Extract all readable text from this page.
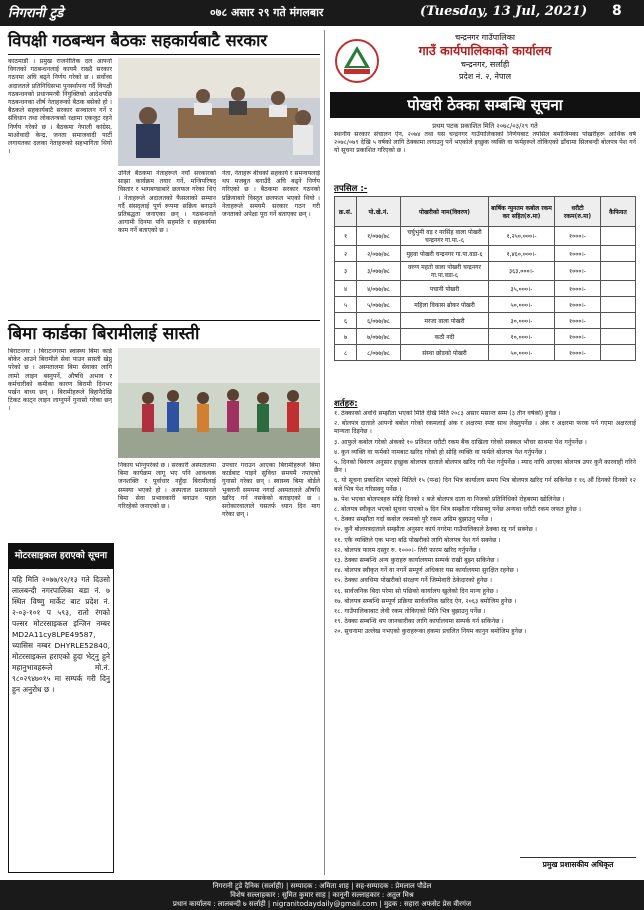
निगरानी टुडे	०७८ असार २९ गते मंगलबार	(Tuesday, 13 Jul, 2021) 8
विपक्षी गठबन्धन बैठकः सहकार्यबाटै सरकार
काठमाडौं । प्रमुख राजनीतिक दल आफ्नो विगतको गठबन्धनलाई कायमै राख्दै सरकार गठनमा अघि बढ्ने निर्णय गरेको छ । सर्वोच्च अदालतले प्रतिनिधिसभा पुनर्स्थापना गर्दै विपक्षी गठबन्धनको प्रधानमन्त्री नियुक्तिको आदेशपछि गठबन्धनका शीर्ष नेताहरूको बैठक बसेको हो । बैठकले सहकार्यबाटै सरकार सञ्चालन गर्ने र संविधान तथा लोकतन्त्रको रक्षामा एकजुट रहने निर्णय गरेको छ । बैठकमा नेपाली कांग्रेस, माओवादी केन्द्र, जनता समाजवादी पार्टी लगायतका दलका नेताहरूको सहभागिता थियो ।
उनिले बैठकमा नेताहरूले नयाँ सरकारको साझा कार्यक्रम तयार गर्ने, मन्त्रिपरिषद् विस्तार र भागबण्डाबारे छलफल गरेका थिए । नेताहरूले अदालतको फैसलाको सम्मान गर्दै संसद्लाई पूर्ण रूपमा सक्रिय बनाउने प्रतिबद्धता जनाएका छन् । गठबन्धनले आगामी दिनमा पनि सहमति र सहकार्यमा काम गर्ने बताएको छ ।
नेता, नेताहरू बीचको सहकार्य र समन्वयलाई थप मजबुत बनाउँदै अघि बढ्ने निर्णय गरिएको छ । बैठकमा सरकार गठनको प्रक्रियाबारे विस्तृत छलफल भएको थियो । नेताहरूले समयमै सरकार गठन गरी जनताको अपेक्षा पूरा गर्ने बताएका छन् ।
बिमा कार्डका बिरामीलाई सास्ती
बिराटनगर । बिराटनगरमा स्वास्थ्य बिमा कार्ड बोकेर आउने बिरामीले सेवा पाउन सास्ती खेप्नु परेको छ । अस्पतालमा बिमा सेवाका लागि लामो लाइन बस्नुपर्ने, औषधि अभाव र कर्मचारीको कमीका कारण बिरामी दिनभर पर्खन बाध्य छन् । बिरामीहरूले बिहानैदेखि टिकट काट्न लाइन लाग्नुपर्ने गुनासो गरेका छन् ।
निकाय भोग्नुपरेको छ । सरकारी अस्पतालमा बिमा कार्यक्रम लागू भए पनि आवश्यक जनशक्ति र पूर्वाधार नहुँदा बिरामीलाई समस्या भएको हो । अस्पताल प्रशासनले बिमा सेवा प्रभावकारी बनाउन पहल गरिरहेको जनाएको छ ।
उपचार गराउन आएका बिरामीहरूले बिमा कार्डबाट पाइने सुविधा समयमै नपाएको गुनासो गरेका छन् । स्वास्थ्य बिमा बोर्डले भुक्तानी समयमा नगर्दा अस्पतालले औषधि खरिद गर्न नसकेको बताइएको छ । सरोकारवालाले यसतर्फ ध्यान दिन माग गरेका छन् ।
मोटरसाइकल हराएको सूचना
यहि मिति २०७७/१२/१३ गते दिउसो लालबन्दी नगरपालिका बडा नं. ७ स्थित विष्णु मार्केट बाट प्रदेश नं. २-०३-१०१ प ५९३, रातो रंगको पल्सर मोटरसाइकल इन्जिन नम्बर MD2A11cy8LPE49587, च्यासिस नम्बर DHYRLE52840, मोटरसाइकल हराएको हुदा भेट्नु हुने महानुभावहरूले मो.नं. ९८०२९४७०१५ मा सम्पर्क गरी दिनु हुन अनुरोध छ ।
चन्द्रनगर गाउँपालिका
गाउँ कार्यपालिकाको कार्यालय
चन्द्रनगर, सर्लाही
प्रदेश नं. २, नेपाल
पोखरी ठेक्का सम्बन्धि सूचना
प्रथम पटक प्रकाशित मिति २०७८/०३/२९ गते
स्थानीय सरकार संचालन ऐन, २०७४ तथा यस चन्द्रनगर गाउँपालिकाको निर्णयबाट तपसिल बमोजिमका पोखरीहरू आर्थिक वर्ष २०७८/०७९ देखि ५ वर्षको लागि ठेक्कामा लगाउनु पर्ने भएकोले इच्छुक व्यक्ति वा फर्महरूले तोकिएको ढाँचामा सिलबन्दी बोलपत्र पेश गर्न यो सूचना प्रकाशित गरिएको छ ।
तपसिल :-
क्र.सं.	पो.खे.नं.	पोखरीको नाम(विवरण)	बार्षिक न्युनतम कबोल रकम कर सहित(रु.मा)	धरौटी रकम(रु.मा)	कैफियत
१	१/०७७/७८	चर्चुभुमी वड़ र नरसिंह वाला पोखरी चन्द्रनगर गा.पा.-६	१,२५०,०००।-	१०००।-	
२	२/०७७/७८	मुहवा पोखरी चन्द्रनगर गा.पा.वडा-६	१,४६०,०००।-	१०००।-	
३	३/०७७/७८	वरुण महतो वाला पोखरी चन्द्रनगर गा.पा.वडा-६	३६३,०००।-	१०००।-	
४	४/०७७/७८	पचानी पोखरी	३५,०००।-	१०००।-	
५	५/०७७/७८	महिला विकास ब्रोकर पोखरी	५०,०००।-	१०००।-	
६	६/०७७/७८	मरजा वाला पोखरी	३०,०००।-	१०००।-	
७	७/०७७/७८	कठौ नदी	१०,०००।-	१०००।-	
८	८/०७७/७८	संस्था छोडको पोखरी	५०,०००।-	१०००।-	
शर्तहरु:
१. ठेक्काको अवधि सम्झौता भएको मिति देखि मिति २०८३ असार मसान्त सम्म (३ तीन वर्षको) हुनेछ ।
२. बोलपत्र दाताले आफ्नो बबोल गरेको रकमलाई अंक र अक्षरमा स्पष्ट साथ लेख्नुपर्नेछ । अंक र अक्षरमा फरक पर्न गएमा अक्षरलाई मान्यता दिइनेछ ।
३. आफुले कबोल गरेको अंकको १० प्रतिशत धरौटी रकम बैंक दाखिला गरेको सक्कल भौचर साथमा पेश गर्नुपर्नेछ ।
४. कुन व्यक्ति वा फर्मको नामबाट खरिद गरेको हो सोहि व्यक्ति वा फर्मले बोलपत्र पेश गर्नुपर्नेछ ।
५. दिनको बिवरण अनुसार इच्छुक बोलपत्र दाताले बोलपत्र खरिद गरी पेश गर्नुपर्नेछ । म्याद नाघि आएका बोलपत्र उपर कुनै कारवाही गरिने छैन ।
६. यो सूचना प्रकाशित भएको मितिले १५ (पन्ध्र) दिन भित्र कार्यालय समय भित्र बोलपत्र खरिद गर्न सकिनेछ र १६ औं दिनको दिनको १२ बजे भित्र पेश गरिसक्नु पर्नेछ ।
७. पेश भएका बोलपत्रहरु सोहि दिनको २ बजे बोलपत्र दाता वा निजको प्रतिनिधिको रोहबरमा खोलिनेछ ।
८. बोलपत्र स्वीकृत भएको सूचना पाएको ७ दिन भित्र सम्झौता गरिसक्नु पर्नेछ अन्यथा धरौटी रकम जफत हुनेछ ।
९. ठेक्का सम्झौता गर्दा कबोल रकमको पुरै रकम अग्रिम बुझाउनु पर्नेछ ।
१०. कुनै बोलपत्रदाताले सम्झौता अनुसार कार्य नगरेमा गाउँपालिकाले ठेक्का रद्द गर्न सक्नेछ ।
११. एकै व्यक्तिले एक भन्दा बढि पोखरीको लागि बोलपत्र पेश गर्न सक्नेछ ।
१२. बोलपत्र फारम दस्तुर रु. १०००।- तिरी फारम खरिद गर्नुपर्नेछ ।
१३. ठेक्का सम्बन्धि अन्य कुराहरु कार्यालयमा सम्पर्क राखी बुझ्न सकिनेछ ।
१४. बोलपत्र स्वीकृत गर्ने वा नगर्ने सम्पूर्ण अधिकार यस कार्यालयमा सुरक्षित रहनेछ ।
१५. ठेक्का अवधिमा पोखरीको संरक्षण गर्ने जिम्मेवारी ठेकेदारको हुनेछ ।
१६. सार्वजनिक बिदा परेमा सो पछिको कार्यालय खुलेको दिन मान्य हुनेछ ।
१७. बोलपत्र सम्बन्धि सम्पूर्ण प्रक्रिया सार्वजनिक खरिद ऐन, २०६३ बमोजिम हुनेछ ।
१८. गाउँपालिकाबाट लेवी रकम तोकिएको मिति भित्र बुझाउनु पर्नेछ ।
१९. ठेक्का सम्बन्धि थप जानकारीका लागि कार्यालयमा सम्पर्क गर्न सकिनेछ ।
२०. सुचनामा उल्लेख नभएको कुराहरूका हकमा प्रचलित नियम कानुन बमोजिम हुनेछ ।
प्रमुख प्रशासकीय अधिकृत
निगरानी टुडे दैनिक (सर्लाही) | सम्पादक : अमिता शाह | सह-सम्पादक : प्रेमलाल पौडेल
विशेष सल्लाहकार : सुमित कुमार साह | कानूनी सल्लाहकार : अतुल मिश्र
प्रधान कार्यालय : लालबन्दी ७ सर्लाही | nigranitodaydaily@gmail.com | मुद्रक : सहारा अफसेट प्रेस वीरगंज
